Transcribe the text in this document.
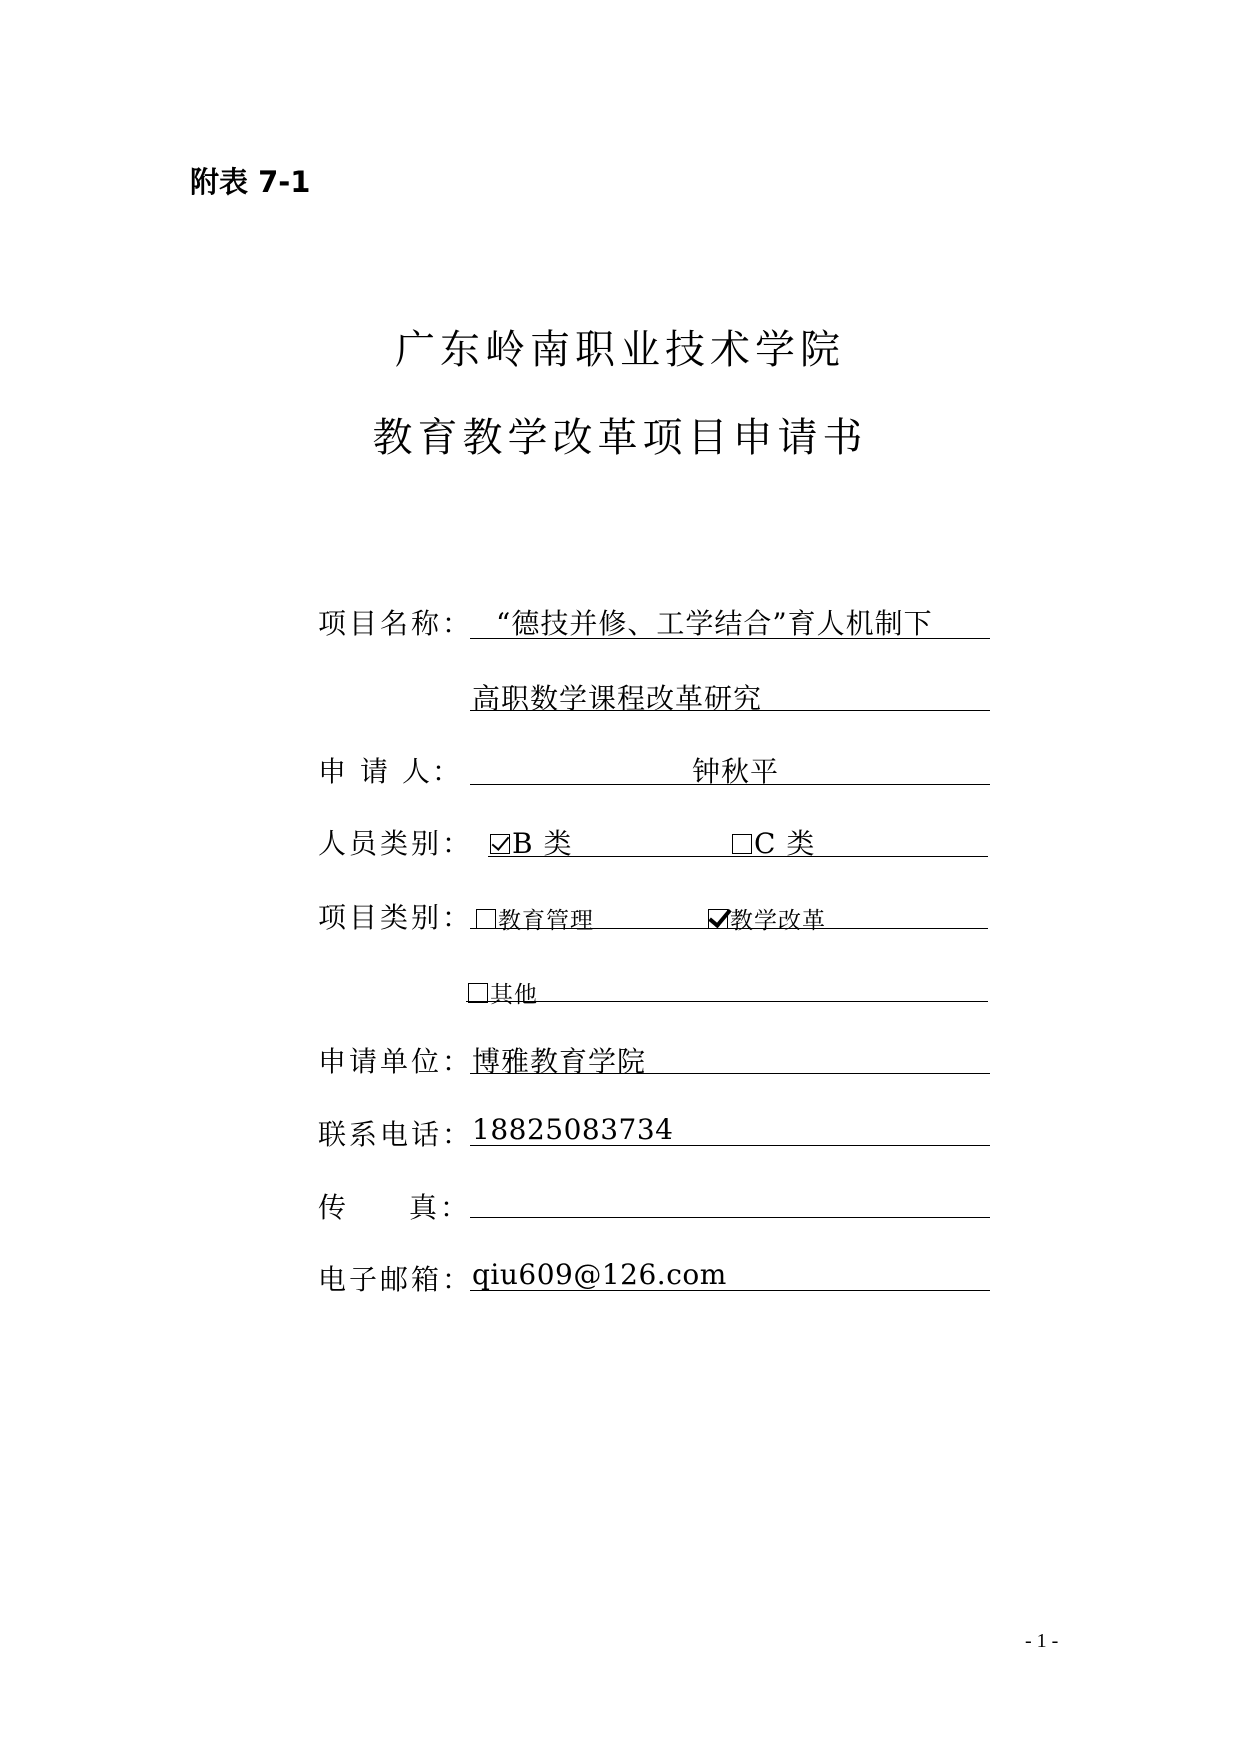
附表 7-1
广东岭南职业技术学院
教育教学改革项目申请书
项目名称： “德技并修、工学结合”育人机制下
高职数学课程改革研究
申请人：	钟秋平
人员类别：	B 类	C 类
项目类别：	教育管理	教学改革
其他
申请单位：
博雅教育学院
联系电话：
18825083734
传真：
电子邮箱：
qiu609@126.com
- 1 -
